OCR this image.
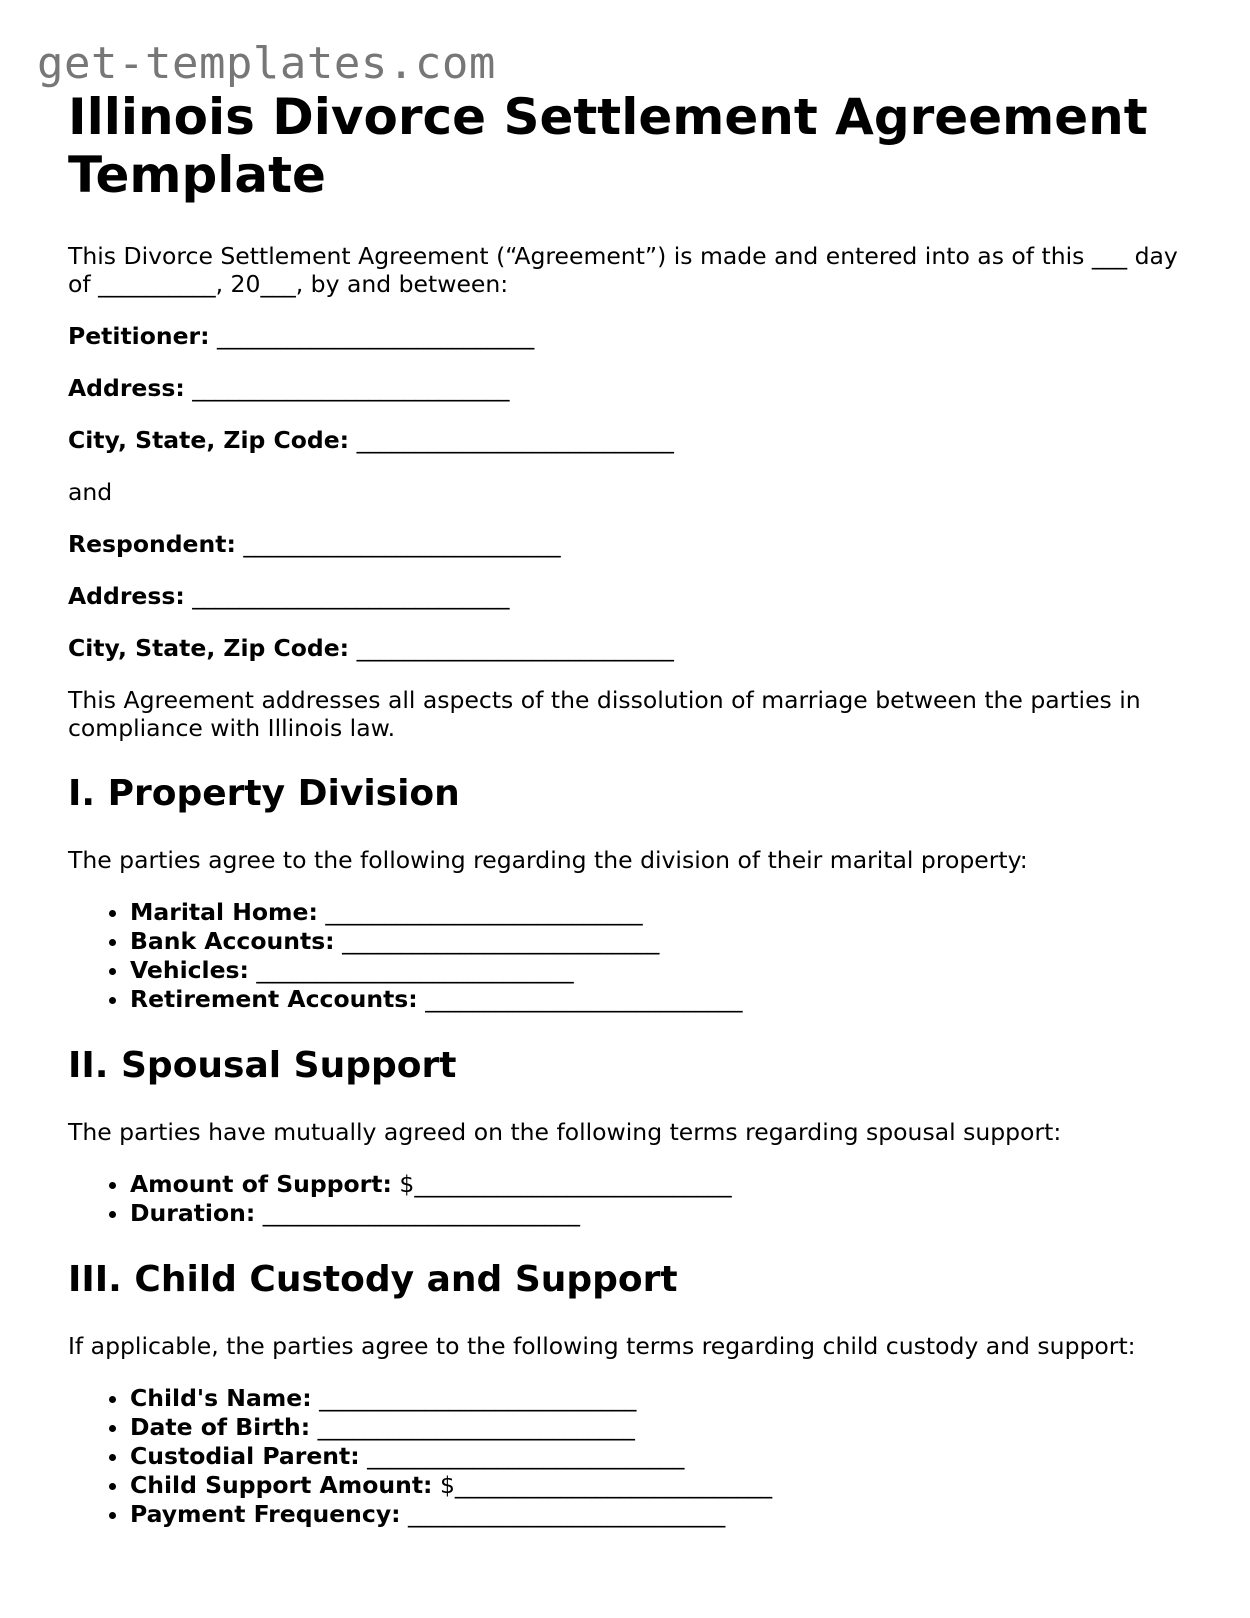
get-templates.com
Illinois Divorce Settlement Agreement Template

This Divorce Settlement Agreement (“Agreement”) is made and entered into as of this ___ day of __________, 20___, by and between:

Petitioner: ___________________________

Address: ___________________________

City, State, Zip Code: ___________________________

and

Respondent: ___________________________

Address: ___________________________

City, State, Zip Code: ___________________________

This Agreement addresses all aspects of the dissolution of marriage between the parties in compliance with Illinois law.

I. Property Division

The parties agree to the following regarding the division of their marital property:

• Marital Home: ___________________________
• Bank Accounts: ___________________________
• Vehicles: ___________________________
• Retirement Accounts: ___________________________
II. Spousal Support

The parties have mutually agreed on the following terms regarding spousal support:

• Amount of Support: $___________________________
• Duration: ___________________________
III. Child Custody and Support

If applicable, the parties agree to the following terms regarding child custody and support:

• Child's Name: ___________________________
• Date of Birth: ___________________________
• Custodial Parent: ___________________________
• Child Support Amount: $___________________________
• Payment Frequency: ___________________________
